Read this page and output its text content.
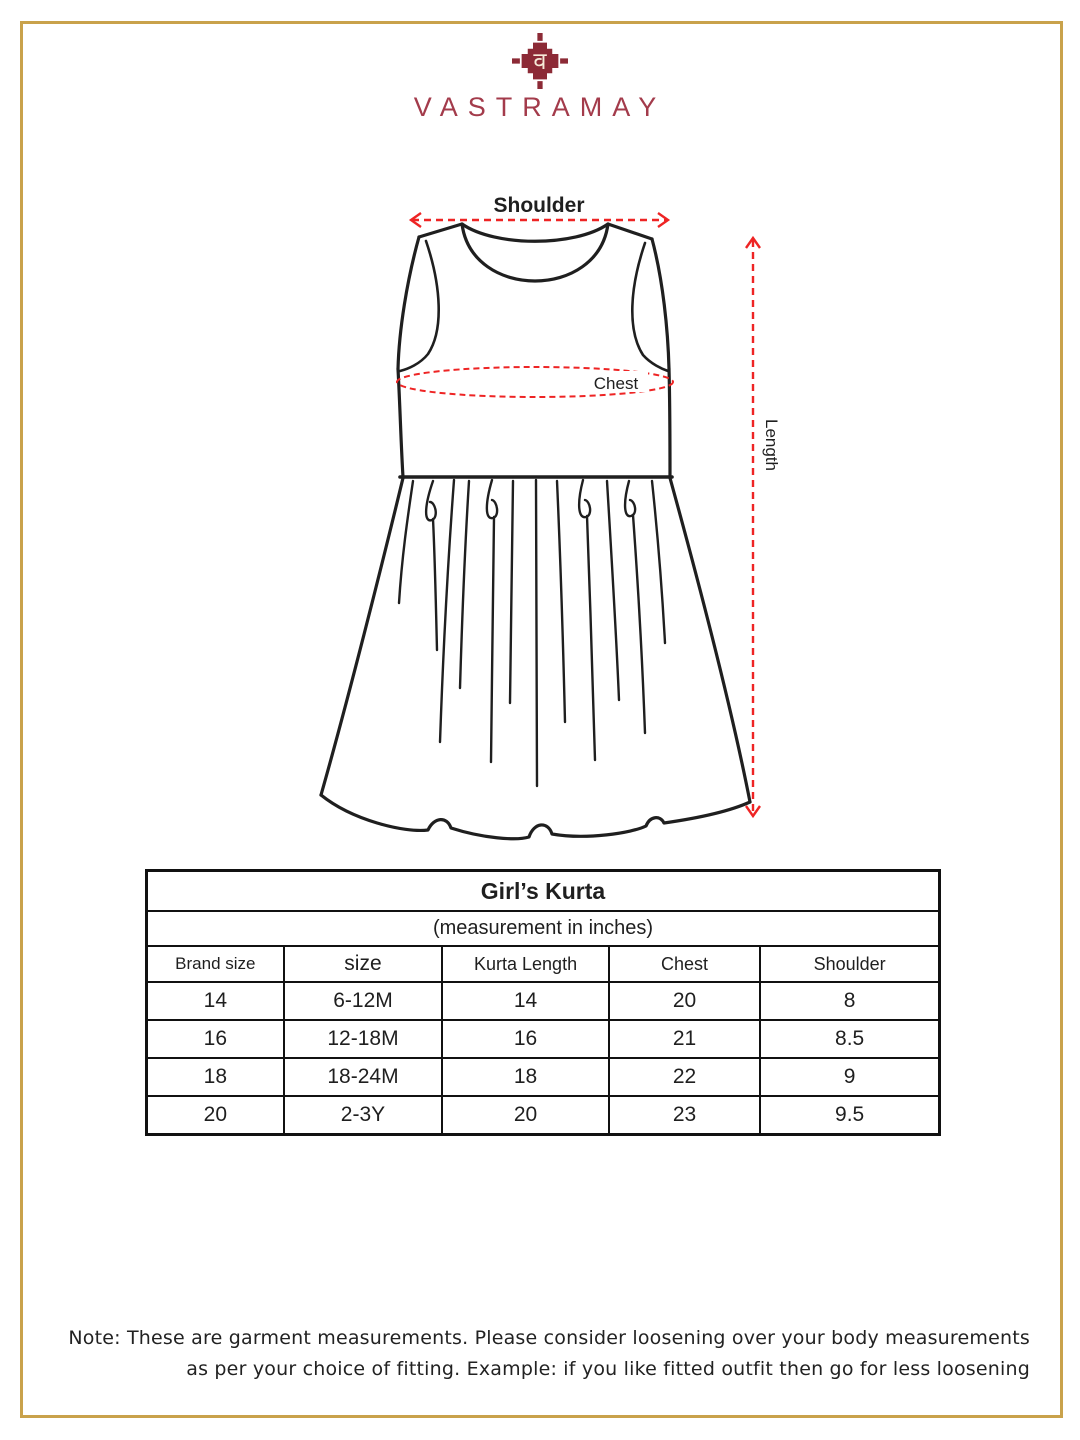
व
VASTRAMAY
Shoulder
Chest
Length
Girl’s Kurta				
(measurement in inches)				
Brand size	size	Kurta Length	Chest	Shoulder
14	6-12M	14	20	8
16	12-18M	16	21	8.5
18	18-24M	18	22	9
20	2-3Y	20	23	9.5
Note: These are garment measurements. Please consider loosening over your body measurements
as per your choice of fitting. Example: if you like fitted outfit then go for less loosening
